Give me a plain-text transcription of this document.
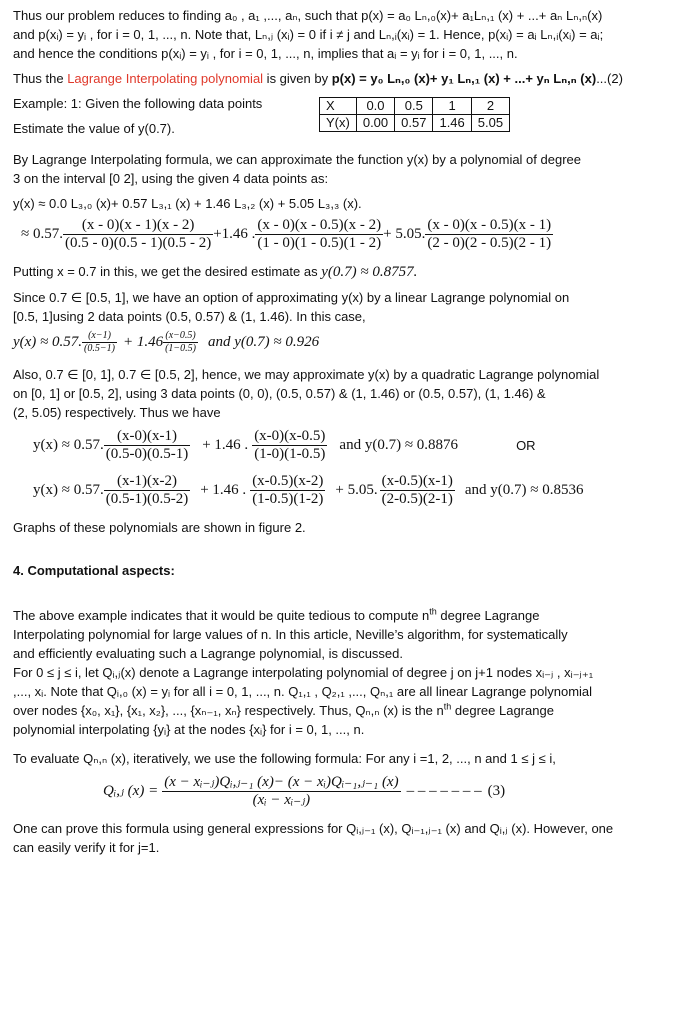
Thus our problem reduces to finding a₀ , a₁ ,..., aₙ, such that p(x) = a₀ Lₙ,₀(x)+ a₁Lₙ,₁ (x) + ...+ aₙ Lₙ,ₙ(x)

and p(xᵢ) = yᵢ , for i = 0, 1, ..., n. Note that, Lₙ,ⱼ (xᵢ) = 0 if i ≠ j and Lₙ,ᵢ(xᵢ) = 1. Hence, p(xᵢ) = aᵢ Lₙ,ᵢ(xᵢ) = aᵢ;

and hence the conditions p(xᵢ) = yᵢ , for i = 0, 1, ..., n, implies that aᵢ = yᵢ for i = 0, 1, ..., n.

Thus the Lagrange Interpolating polynomial is given by p(x) = y₀ Lₙ,₀ (x)+ y₁ Lₙ,₁ (x) + ...+ yₙ Lₙ,ₙ (x)...(2)

Example: 1: Given the following data points
Estimate the value of y(0.7).
X	0.0	0.5	1	2
Y(x)	0.00	0.57	1.46	5.05

By Lagrange Interpolating formula, we can approximate the function y(x) by a polynomial of degree

3 on the interval [0 2], using the given 4 data points as:

y(x) ≈ 0.0 L₃,₀ (x)+ 0.57 L₃,₁ (x) + 1.46 L₃,₂ (x) + 5.05 L₃,₃ (x).

≈ 0.57. $\frac{(x - 0)(x - 1)(x - 2)}{(0.5 - 0)(0.5 - 1)(0.5 - 2)} +1.46$ . $\frac{(x - 0)(x - 0.5)(x - 2)}{(1 - 0)(1 - 0.5)(1 - 2)} + 5.05$. $\frac{(x - 0)(x - 0.5)(x - 1)}{(2 - 0)(2 - 0.5)(2 - 1)}$

Putting x = 0.7 in this, we get the desired estimate as y(0.7) ≈ 0.8757.

Since 0.7 ∈ [0.5, 1], we have an option of approximating y(x) by a linear Lagrange polynomial on

[0.5, 1]using 2 data points (0.5, 0.57) & (1, 1.46). In this case,

y(x) ≈ 0.57. $\frac{(x-1)}{(0.5-1)} + 1.46 \frac{(x-0.5)}{(1-0.5)}$ and y(0.7) ≈ 0.926

Also, 0.7 ∈ [0, 1], 0.7 ∈ [0.5, 2], hence, we may approximate y(x) by a quadratic Lagrange polynomial

on [0, 1] or [0.5, 2], using 3 data points (0, 0), (0.5, 0.57) & (1, 1.46) or (0.5, 0.57), (1, 1.46) &

(2, 5.05) respectively. Thus we have

y(x) ≈ 0.57. $\frac{(x-0)(x-1)}{(0.5-0)(0.5-1)} + 1.46$ . $\frac{(x-0)(x-0.5)}{(1-0)(1-0.5)}$ and y(0.7) ≈ 0.8876	OR
y(x) ≈ 0.57. $\frac{(x-1)(x-2)}{(0.5-1)(0.5-2)} + 1.46$ . $\frac{(x-0.5)(x-2)}{(1-0.5)(1-2)} + 5.05$. $\frac{(x-0.5)(x-1)}{(2-0.5)(2-1)}$ and y(0.7) ≈ 0.8536

Graphs of these polynomials are shown in figure 2.

4. Computational aspects:

The above example indicates that it would be quite tedious to compute $n^{th}$ degree Lagrange

Interpolating polynomial for large values of n. In this article, Neville’s algorithm, for systematically

and efficiently evaluating such a Lagrange polynomial, is discussed.

For 0 ≤ j ≤ i, let Qᵢ,ⱼ(x) denote a Lagrange interpolating polynomial of degree j on j+1 nodes xᵢ₋ⱼ , xᵢ₋ⱼ₊₁

,..., xᵢ. Note that Qᵢ,₀ (x) = yᵢ for all i = 0, 1, ..., n. Q₁,₁ , Q₂,₁ ,..., Qₙ,₁ are all linear Lagrange polynomial

over nodes {x₀, x₁}, {x₁, x₂}, ..., {xₙ₋₁, xₙ} respectively. Thus, Qₙ,ₙ (x) is the $n^{th}$ degree Lagrange

polynomial interpolating {yᵢ} at the nodes {xᵢ} for i = 0, 1, ..., n.

To evaluate Qₙ,ₙ (x), iteratively, we use the following formula: For any i =1, 2, ..., n and 1 ≤ j ≤ i,

Qᵢ,ⱼ $(x) = \frac{\text{(x − xᵢ₋ⱼ)Qᵢ,ⱼ₋₁ (x)− (x − xᵢ)Qᵢ₋₁,ⱼ₋₁ (x)}}{\text{(xᵢ − xᵢ₋ⱼ)}}$ – – – – – – – (3)

One can prove this formula using general expressions for Qᵢ,ⱼ₋₁ (x), Qᵢ₋₁,ⱼ₋₁ (x) and Qᵢ,ⱼ (x). However, one

can easily verify it for j=1.
